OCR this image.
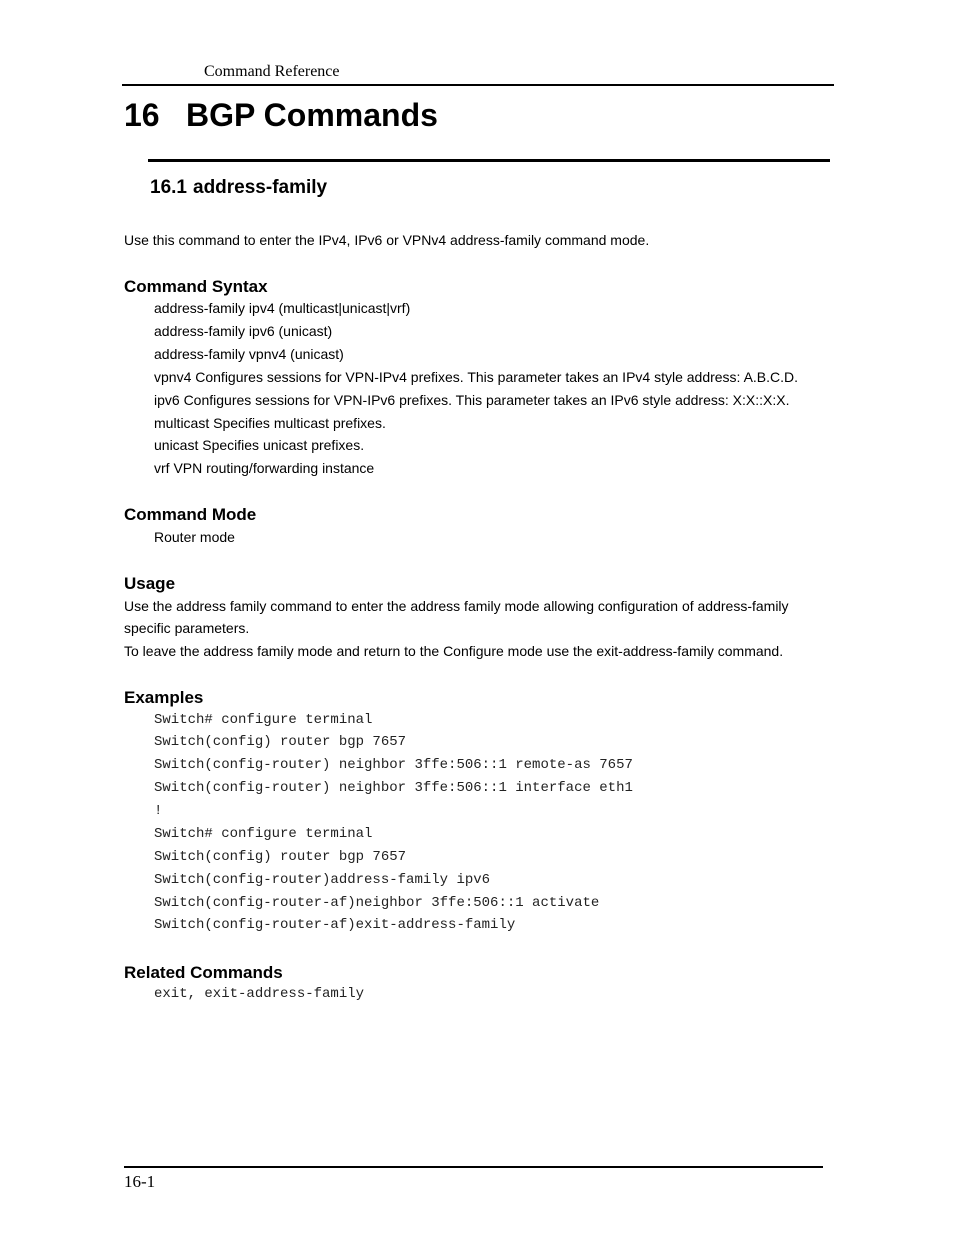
Command Reference
16 BGP Commands
16.1 address-family
Use this command to enter the IPv4, IPv6 or VPNv4 address-family command mode.
Command Syntax
address-family ipv4 (multicast|unicast|vrf)
address-family ipv6 (unicast)
address-family vpnv4 (unicast)
vpnv4 Configures sessions for VPN-IPv4 prefixes. This parameter takes an IPv4 style address: A.B.C.D.
ipv6 Configures sessions for VPN-IPv6 prefixes. This parameter takes an IPv6 style address: X:X::X:X.
multicast Specifies multicast prefixes.
unicast Specifies unicast prefixes.
vrf VPN routing/forwarding instance
Command Mode
Router mode
Usage
Use the address family command to enter the address family mode allowing configuration of address-family
specific parameters.
To leave the address family mode and return to the Configure mode use the exit-address-family command.
Examples
Switch# configure terminal
Switch(config) router bgp 7657
Switch(config-router) neighbor 3ffe:506::1 remote-as 7657
Switch(config-router) neighbor 3ffe:506::1 interface eth1
!
Switch# configure terminal
Switch(config) router bgp 7657
Switch(config-router)address-family ipv6
Switch(config-router-af)neighbor 3ffe:506::1 activate
Switch(config-router-af)exit-address-family
Related Commands
exit, exit-address-family
16-1
